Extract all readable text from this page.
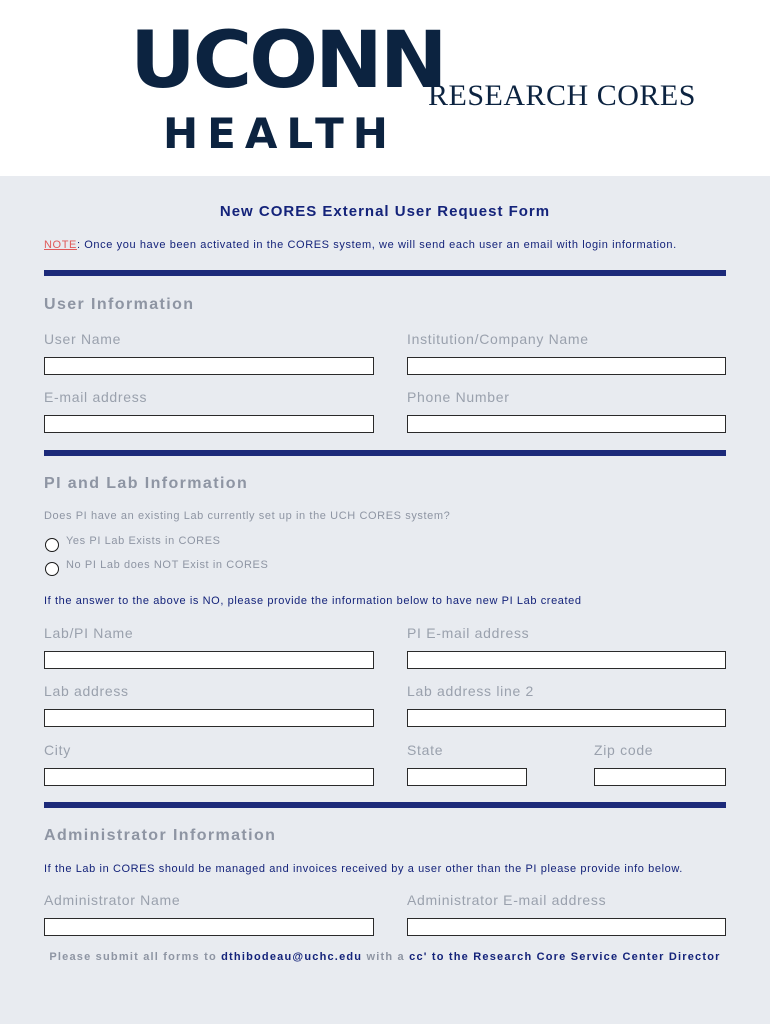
UCONN
HEALTH
RESEARCH CORES
New CORES External User Request Form
NOTE: Once you have been activated in the CORES system, we will send each user an email with login information.
User Information
User Name	Institution/Company Name
E-mail address	Phone Number
PI and Lab Information
Does PI have an existing Lab currently set up in the UCH CORES system?
Yes PI Lab Exists in CORES
No PI Lab does NOT Exist in CORES
If the answer to the above is NO, please provide the information below to have new PI Lab created
Lab/PI Name	PI E-mail address
Lab address	Lab address line 2
City	State	Zip code
Administrator Information
If the Lab in CORES should be managed and invoices received by a user other than the PI please provide info below.
Administrator Name	Administrator E-mail address
Please submit all forms to dthibodeau@uchc.edu with a cc' to the Research Core Service Center Director
